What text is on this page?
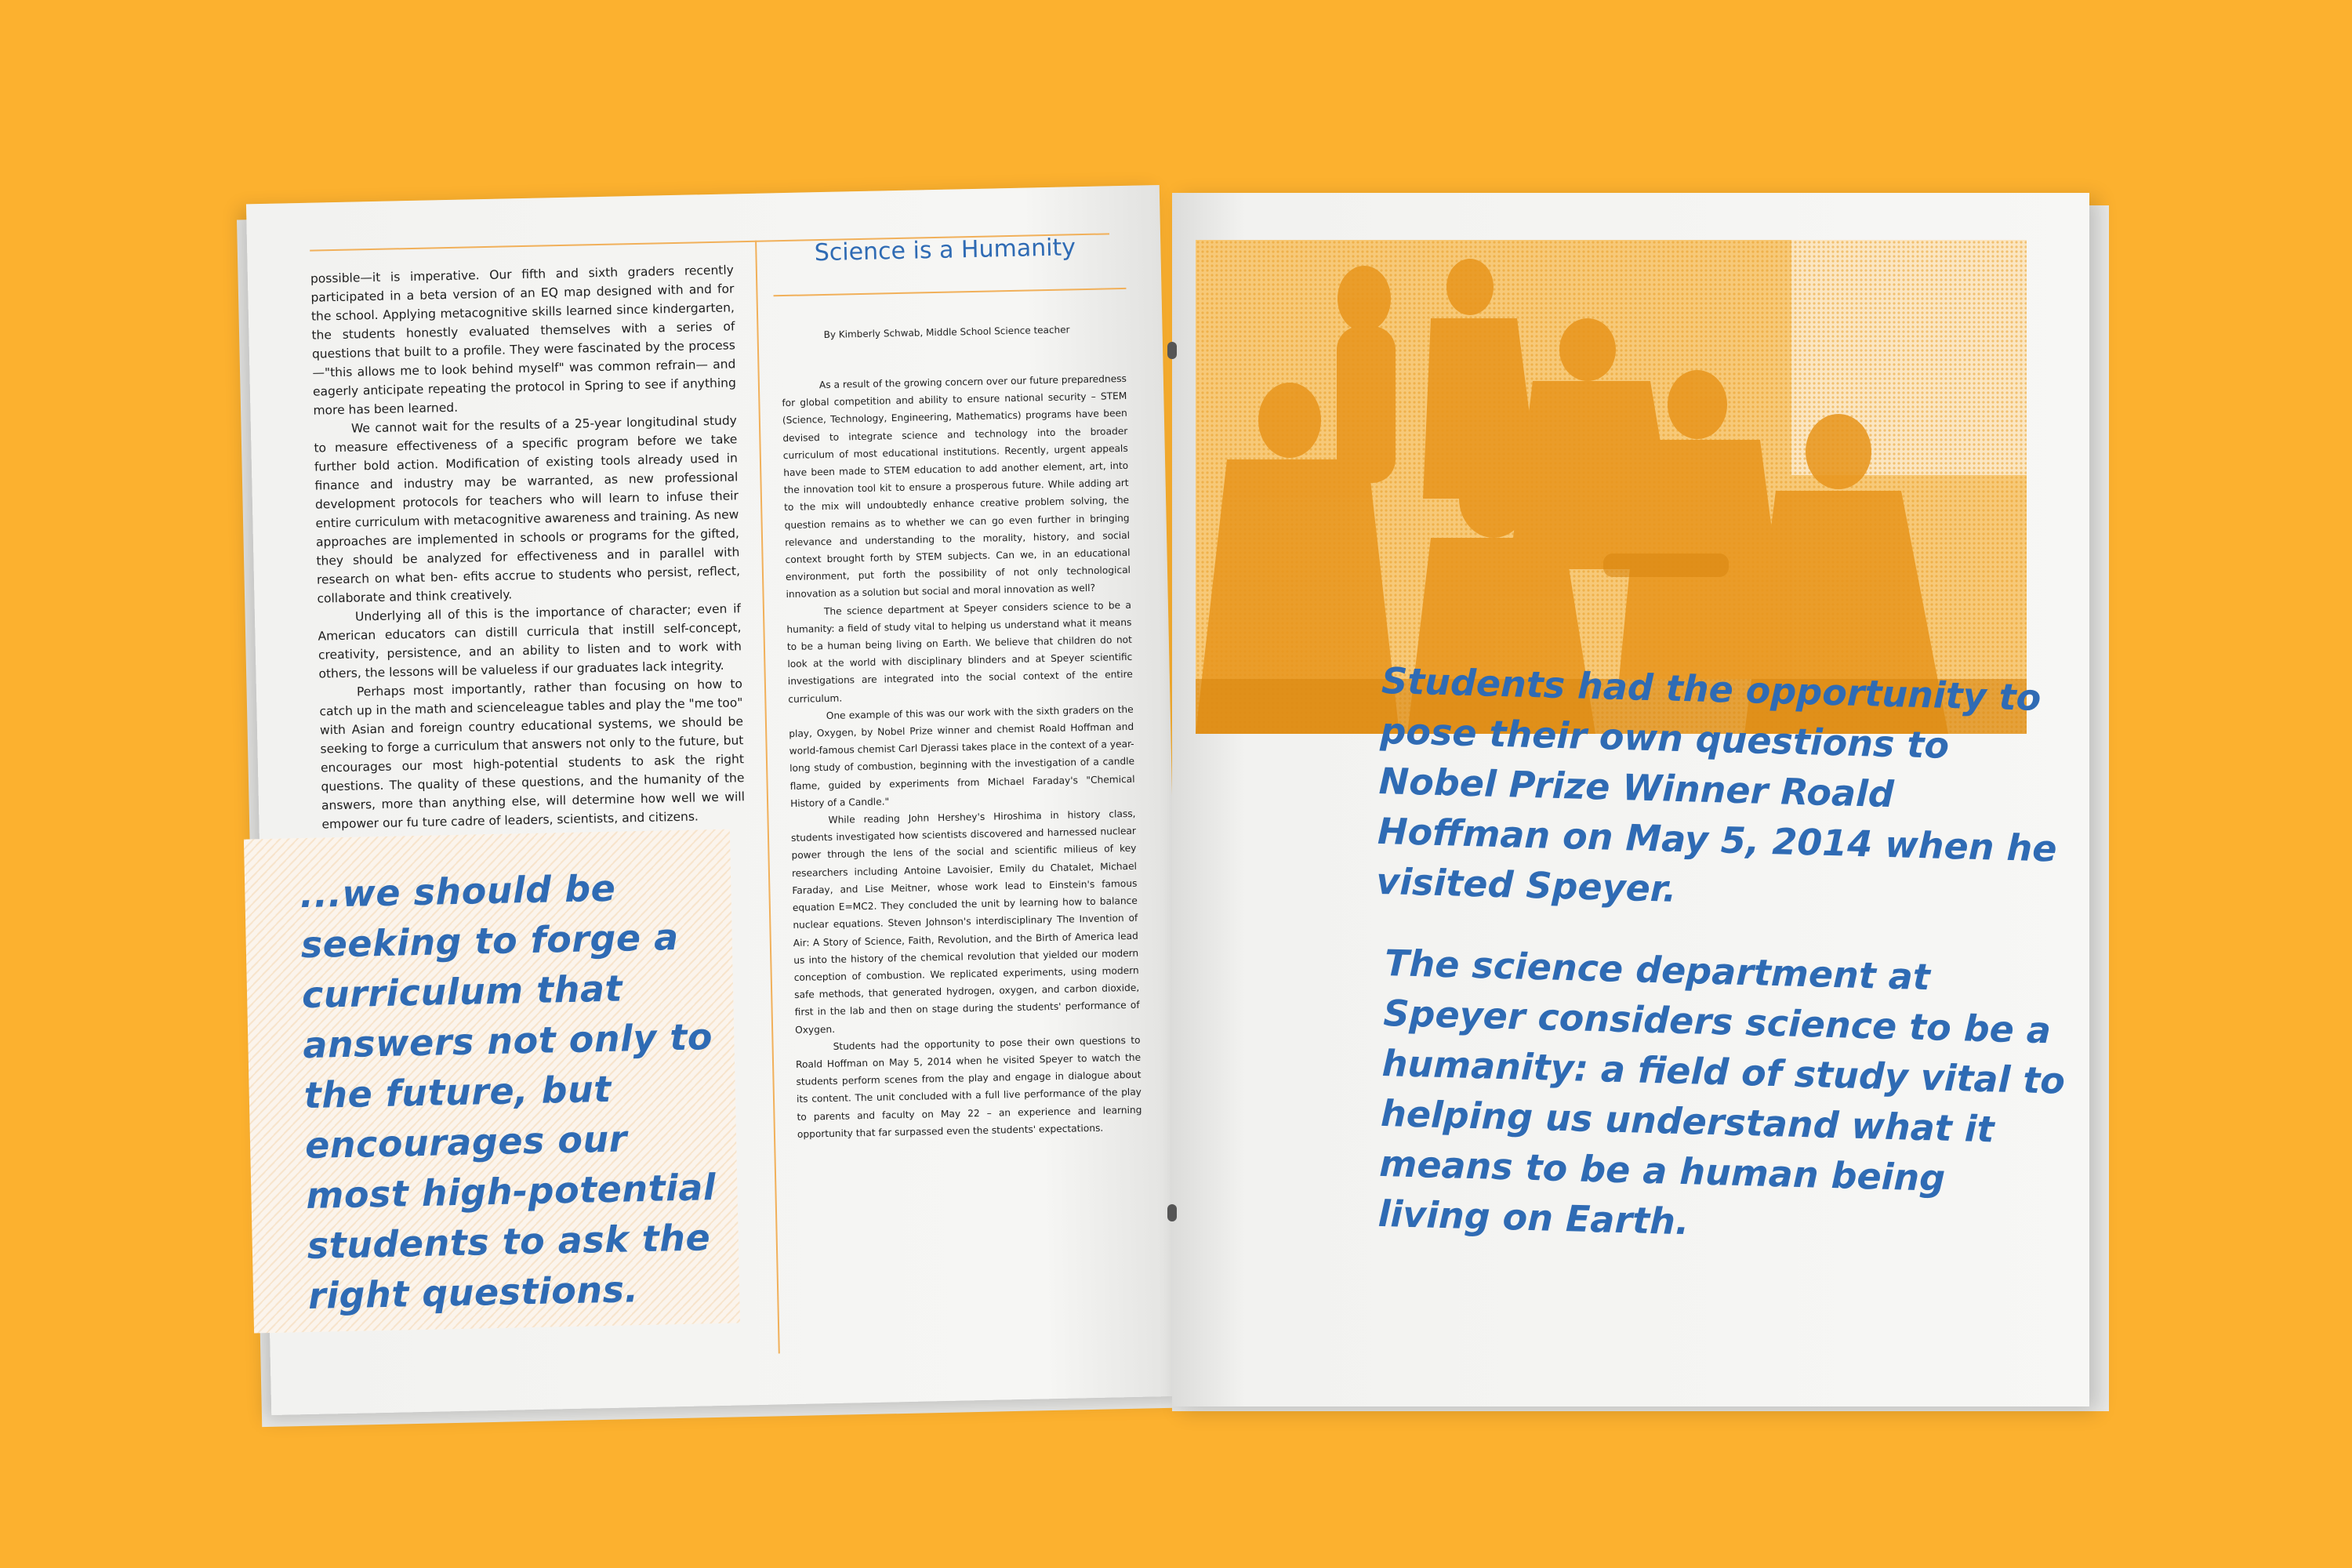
possible—it is imperative. Our fifth and sixth graders recently participated in a beta version of an EQ map designed with and for the school. Applying metacognitive skills learned since kindergarten, the students honestly evaluated themselves with a series of questions that built to a profile. They were fascinated by the process—"this allows me to look behind myself" was common refrain— and eagerly anticipate repeating the protocol in Spring to see if anything more has been learned.

We cannot wait for the results of a 25-year longitudinal study to measure effectiveness of a specific program before we take further bold action. Modification of existing tools already used in finance and industry may be warranted, as new professional development protocols for teachers who will learn to infuse their entire curriculum with metacognitive awareness and training. As new approaches are implemented in schools or programs for the gifted, they should be analyzed for effectiveness and in parallel with research on what ben- efits accrue to students who persist, reflect, collaborate and think creatively.

Underlying all of this is the importance of character; even if American educators can distill curricula that instill self-concept, creativity, persistence, and an ability to listen and to work with others, the lessons will be valueless if our graduates lack integrity.

Perhaps most importantly, rather than focusing on how to catch up in the math and scienceleague tables and play the "me too" with Asian and foreign country educational systems, we should be seeking to forge a curriculum that answers not only to the future, but encourages our most high-potential students to ask the right questions. The quality of these questions, and the humanity of the answers, more than anything else, will determine how well we will empower our fu ture cadre of leaders, scientists, and citizens.

...we should be seeking to forge a curriculum that answers not only to the future, but encourages our most high-potential students to ask the right questions.
Science is a Humanity
By Kimberly Schwab, Middle School Science teacher

As a result of the growing concern over our future preparedness for global competition and ability to ensure national security – STEM (Science, Technology, Engineering, Mathematics) programs have been devised to integrate science and technology into the broader curriculum of most educational institutions. Recently, urgent appeals have been made to STEM education to add another element, art, into the innovation tool kit to ensure a prosperous future. While adding art to the mix will undoubtedly enhance creative problem solving, the question remains as to whether we can go even further in bringing relevance and understanding to the morality, history, and social context brought forth by STEM subjects. Can we, in an educational environment, put forth the possibility of not only technological innovation as a solution but social and moral innovation as well?

The science department at Speyer considers science to be a humanity: a field of study vital to helping us understand what it means to be a human being living on Earth. We believe that children do not look at the world with disciplinary blinders and at Speyer scientific investigations are integrated into the social context of the entire curriculum.

One example of this was our work with the sixth graders on the play, Oxygen, by Nobel Prize winner and chemist Roald Hoffman and world-famous chemist Carl Djerassi takes place in the context of a year-long study of combustion, beginning with the investigation of a candle flame, guided by experiments from Michael Faraday's "Chemical History of a Candle."

While reading John Hershey's Hiroshima in history class, students investigated how scientists discovered and harnessed nuclear power through the lens of the social and scientific milieus of key researchers including Antoine Lavoisier, Emily du Chatalet, Michael Faraday, and Lise Meitner, whose work lead to Einstein's famous equation E=MC2. They concluded the unit by learning how to balance nuclear equations. Steven Johnson's interdisciplinary The Invention of Air: A Story of Science, Faith, Revolution, and the Birth of America lead us into the history of the chemical revolution that yielded our modern conception of combustion. We replicated experiments, using modern safe methods, that generated hydrogen, oxygen, and carbon dioxide, first in the lab and then on stage during the students' performance of Oxygen.

Students had the opportunity to pose their own questions to Roald Hoffman on May 5, 2014 when he visited Speyer to watch the students perform scenes from the play and engage in dialogue about its content. The unit concluded with a full live performance of the play to parents and faculty on May 22 – an experience and learning opportunity that far surpassed even the students' expectations.

Students had the opportunity to pose their own questions to Nobel Prize Winner Roald Hoffman on May 5, 2014 when he visited Speyer.
The science department at Speyer considers science to be a humanity: a field of study vital to helping us understand what it means to be a human being living on Earth.
